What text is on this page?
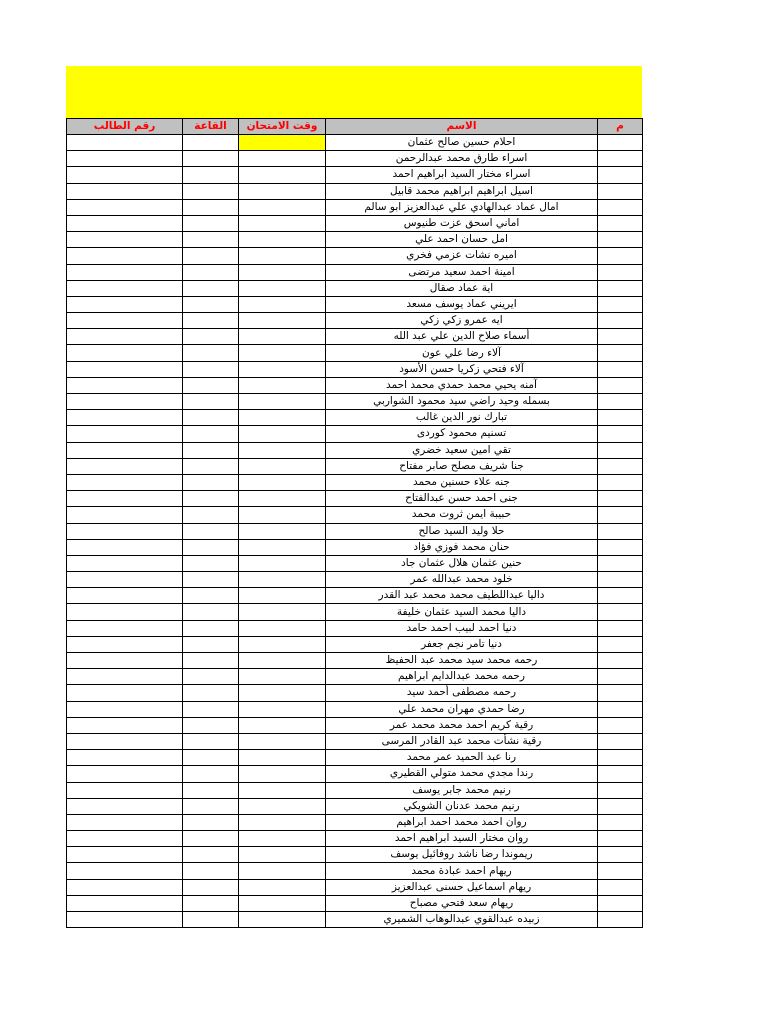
رقم الطالب	القاعة	وقت الامتحان	الاسم	م
			احلام حسين صالح عثمان	
			اسراء طارق محمد عبدالرحمن	
			اسراء مختار السيد ابراهيم احمد	
			اسيل ابراهيم ابراهيم محمد قابيل	
			امال عماد عبدالهادي علي عبدالعزيز ابو سالم	
			اماني اسحق عزت طنيوس	
			امل حسان احمد علي	
			اميره نشات عزمي فخري	
			امينة احمد سعيد مرتضى	
			اية عماد صقال	
			ايريني عماد يوسف مسعد	
			ايه عمرو زكي زكي	
			أسماء صلاح الدين علي عبد الله	
			آلاء رضا علي عون	
			آلاء فتحي زكريا حسن الأسود	
			آمنه يحيي محمد حمدي محمد احمد	
			بسمله وحيد راضي سيد محمود الشواربي	
			تبارك نور الدين غالب	
			تسنيم محمود كوردى	
			تقي امين سعيد خضري	
			جنا شريف مصلح صابر مفتاح	
			جنه علاء حسنين محمد	
			جنى احمد حسن عبدالفتاح	
			حبيبة ايمن ثروت محمد	
			حلا وليد السيد صالح	
			حنان محمد فوزي فؤاد	
			حنين عثمان هلال عثمان جاد	
			خلود محمد عبدالله عمر	
			داليا عبداللطيف محمد محمد عبد القدر	
			داليا محمد السيد عثمان خليفة	
			دنيا احمد لبيب احمد حامد	
			دنيا تامر نجم جعفر	
			رحمه محمد سيد محمد عبد الحفيظ	
			رحمه محمد عبدالدايم ابراهيم	
			رحمه مصطفى أحمد سيد	
			رضا حمدي مهران محمد علي	
			رقية كريم احمد محمد محمد عمر	
			رقية نشأت محمد عبد القادر المرسى	
			رنا عبد الحميد عمر محمد	
			رندا مجدي محمد متولي القطيري	
			رنيم محمد جابر يوسف	
			رنيم محمد عدنان الشويكي	
			روان احمد محمد احمد ابراهيم	
			روان مختار السيد ابراهيم احمد	
			ريموندا رضا ناشد روفائيل يوسف	
			ريهام احمد عبادة محمد	
			ريهام اسماعيل حسنى عبدالعزيز	
			ريهام سعد فتحي مصباح	
			زبيده عبدالقوي عبدالوهاب الشميري	
